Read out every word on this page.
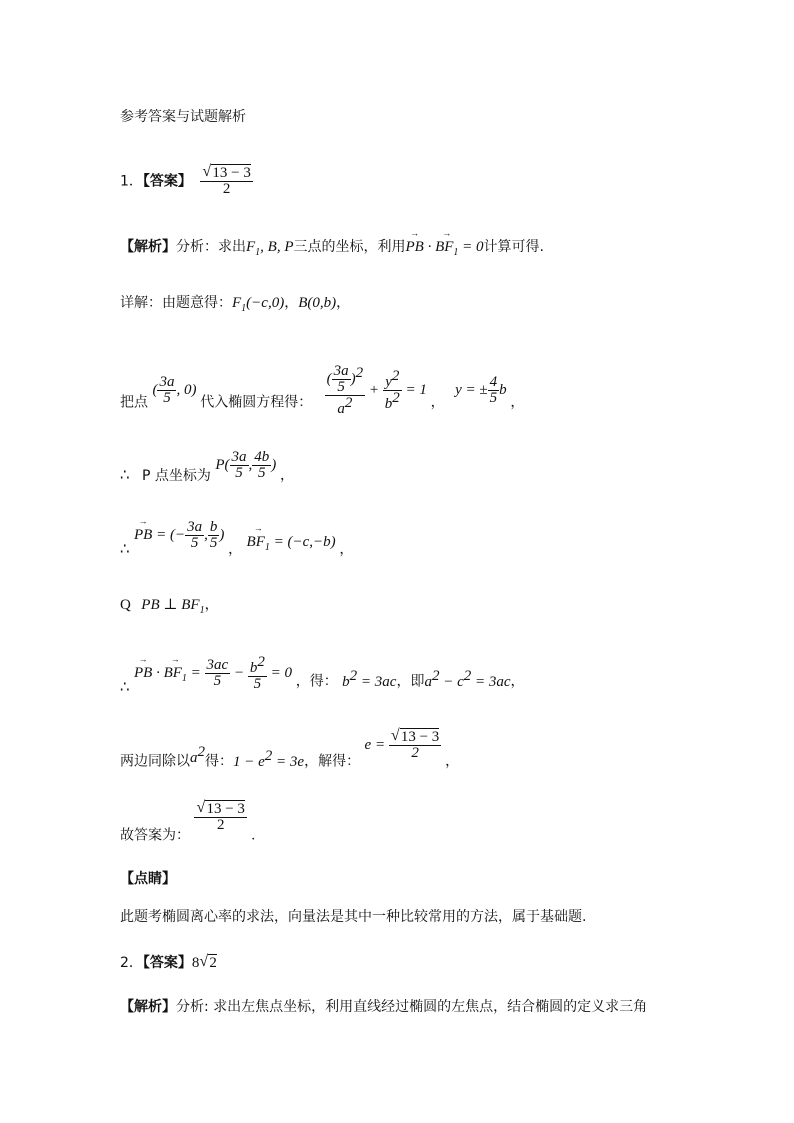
参考答案与试题解析
1．【答案】 $\frac{√ 13 - 3}{2}$
【解析】分析：求出$F_1$, B, P三点的坐标，利用→ PB · → $BF_1 = 0$计算可得.
详解：由题意得：$F_1(-c,0)$，B(0,b)，
把点 ( $\frac{3a}{5}$ , 0) 代入椭圆方程得： $\frac{( \frac{3a}{5} )^2}{a^2} + \frac{y^2}{b^2} = 1$ ， y = ± $\frac{4}{5}$ b ，
∴ P 点坐标为 $P( \frac{3a}{5}$ , $\frac{4b}{5}$ ) ，
∴ → PB = (− $\frac{3a}{5}$ , $\frac{b}{5}$ ) ， → $BF_1 = (-c,-b)$ ，
Q PB ⊥ $BF_1$，
∴ → PB · → $BF_1 = \frac{3ac}{5} - \frac{b^2}{5} = 0$ ，得： $b^2 = 3ac$，即$a^2 - c^2 = 3ac$，
两边同除以$a^2$得：$1 - e^2 = 3e$，解得： $e = \frac{√ 13 - 3}{2}$
，
故答案为：
$\frac{√ 13 - 3}{2}$
.
【点睛】
此题考椭圆离心率的求法，向量法是其中一种比较常用的方法，属于基础题.
2．【答案】8 √ 2
【解析】分析: 求出左焦点坐标，利用直线经过椭圆的左焦点，结合椭圆的定义求三角
